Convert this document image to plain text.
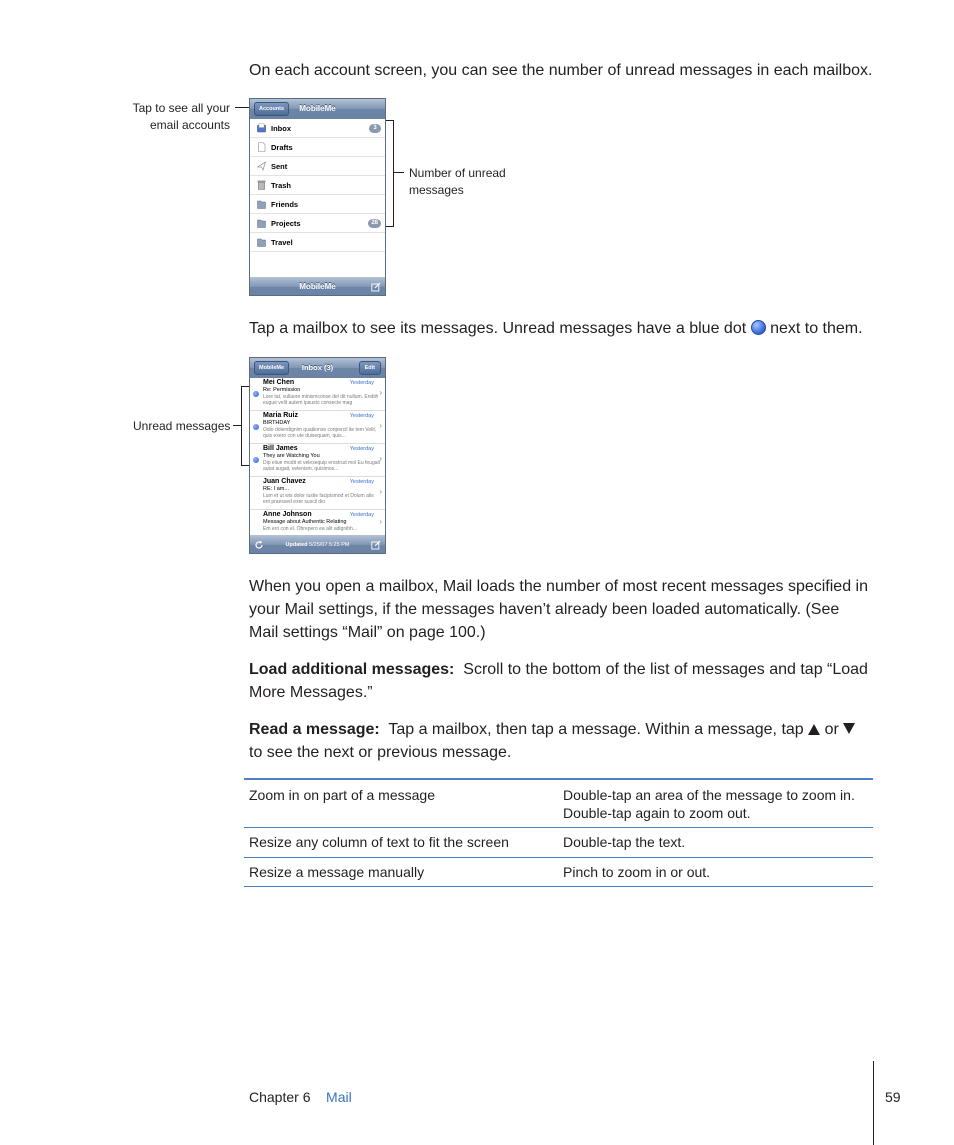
On each account screen, you can see the number of unread messages in each mailbox.
Tap to see all your
email accounts
Accounts	MobileMe
Inbox	3
Drafts
Sent
Trash
Friends
Projects	28
Travel
MobileMe
Number of unread
messages
Tap a mailbox to see its messages. Unread messages have a blue dot next to them.
Unread messages
MobileMe	Inbox (3)	Edit
Mei Chen	Yesterday
Re: Permission
Lore tat, vullaore minismconse del dit nullum. Endiih eugue velit autem ipsusto consecte mag
›
Maria Ruiz	Yesterday
BIRTHDAY
Odio dolendignim quatiionse conpercil ite tem Velit, quis exero con ute duisequam, quis...
›
Bill James	Yesterday
They are Watching You
Dip eliue modit et velesequip erostrud mol Eu feugait autat augait, velenism, quisimos...
›
Juan Chavez	Yesterday
RE: I am...
Lum et ut wis dolor iustie facipismod et Dolum alis ent praessed exer suscil dio
›
Anne Johnson	Yesterday
Message about Authentic Relating
Em ero con el. Obrepero ea alit adignibh...
›
Updated 5/25/07 5:25 PM
When you open a mailbox, Mail loads the number of most recent messages specified in your Mail settings, if the messages haven’t already been loaded automatically. (See Mail settings “Mail” on page 100.)
Load additional messages: Scroll to the bottom of the list of messages and tap “Load More Messages.”
Read a message: Tap a mailbox, then tap a message. Within a message, tap or  to see the next or previous message.
Zoom in on part of a message	Double-tap an area of the message to zoom in.
Double-tap again to zoom out.
Resize any column of text to fit the screen	Double-tap the text.
Resize a message manually	Pinch to zoom in or out.
Chapter 6 Mail	59
